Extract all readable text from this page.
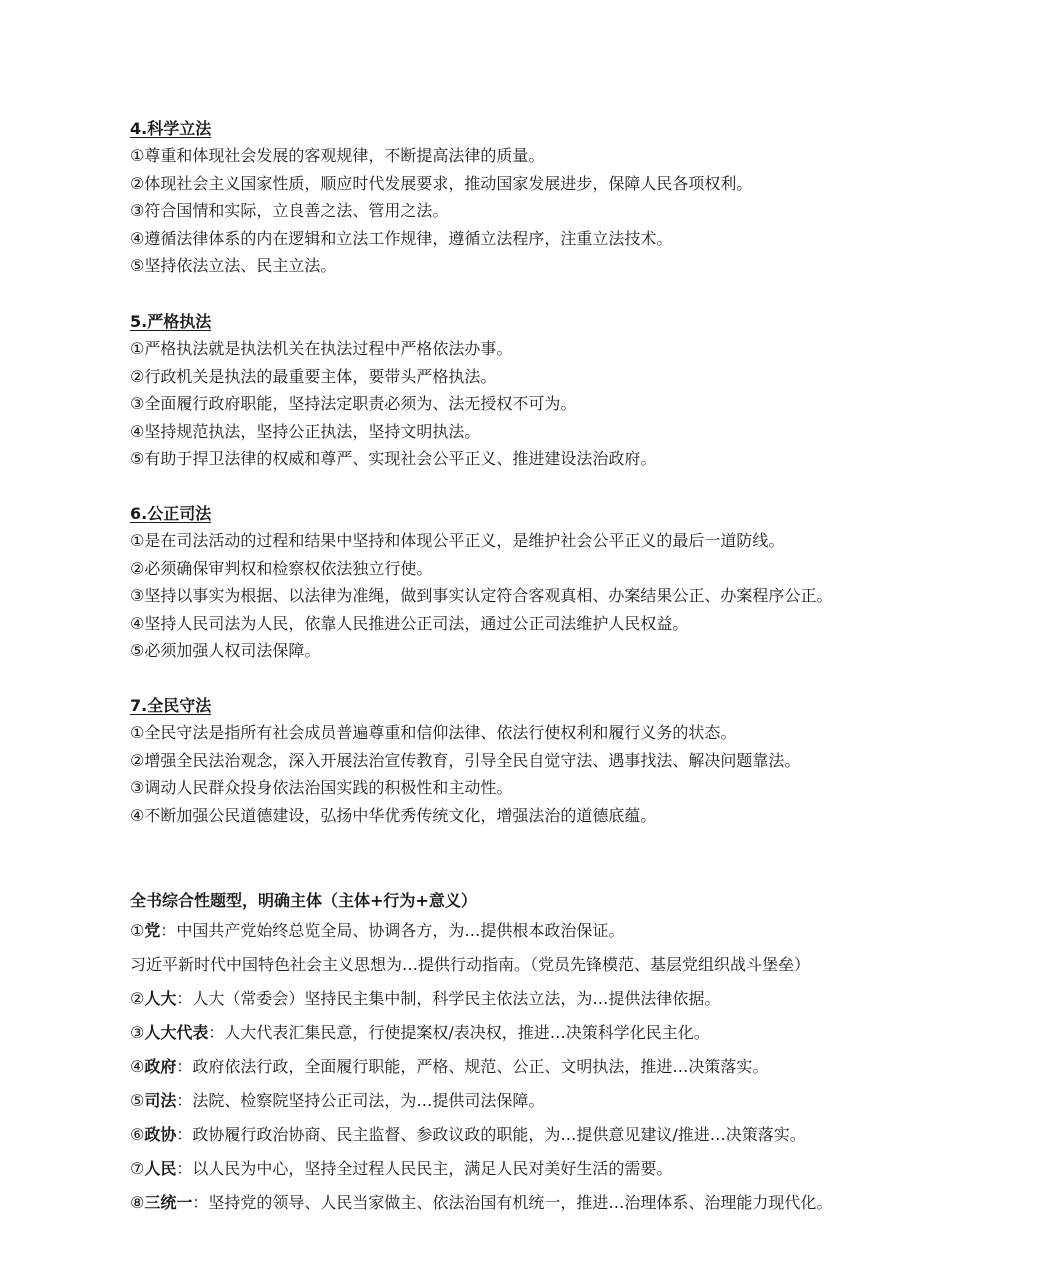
4.科学立法
①尊重和体现社会发展的客观规律，不断提高法律的质量。
②体现社会主义国家性质，顺应时代发展要求，推动国家发展进步，保障人民各项权利。
③符合国情和实际，立良善之法、管用之法。
④遵循法律体系的内在逻辑和立法工作规律，遵循立法程序，注重立法技术。
⑤坚持依法立法、民主立法。
5.严格执法
①严格执法就是执法机关在执法过程中严格依法办事。
②行政机关是执法的最重要主体，要带头严格执法。
③全面履行政府职能，坚持法定职责必须为、法无授权不可为。
④坚持规范执法，坚持公正执法，坚持文明执法。
⑤有助于捍卫法律的权威和尊严、实现社会公平正义、推进建设法治政府。
6.公正司法
①是在司法活动的过程和结果中坚持和体现公平正义，是维护社会公平正义的最后一道防线。
②必须确保审判权和检察权依法独立行使。
③坚持以事实为根据、以法律为准绳，做到事实认定符合客观真相、办案结果公正、办案程序公正。
④坚持人民司法为人民，依靠人民推进公正司法，通过公正司法维护人民权益。
⑤必须加强人权司法保障。
7.全民守法
①全民守法是指所有社会成员普遍尊重和信仰法律、依法行使权利和履行义务的状态。
②增强全民法治观念，深入开展法治宣传教育，引导全民自觉守法、遇事找法、解决问题靠法。
③调动人民群众投身依法治国实践的积极性和主动性。
④不断加强公民道德建设，弘扬中华优秀传统文化，增强法治的道德底蕴。
全书综合性题型，明确主体（主体+行为+意义）
①党：中国共产党始终总览全局、协调各方，为…提供根本政治保证。
习近平新时代中国特色社会主义思想为…提供行动指南。（党员先锋模范、基层党组织战斗堡垒）
②人大：人大（常委会）坚持民主集中制，科学民主依法立法，为…提供法律依据。
③人大代表：人大代表汇集民意，行使提案权/表决权，推进…决策科学化民主化。
④政府：政府依法行政，全面履行职能，严格、规范、公正、文明执法，推进…决策落实。
⑤司法：法院、检察院坚持公正司法，为…提供司法保障。
⑥政协：政协履行政治协商、民主监督、参政议政的职能，为…提供意见建议/推进…决策落实。
⑦人民：以人民为中心，坚持全过程人民民主，满足人民对美好生活的需要。
⑧三统一：坚持党的领导、人民当家做主、依法治国有机统一，推进…治理体系、治理能力现代化。
